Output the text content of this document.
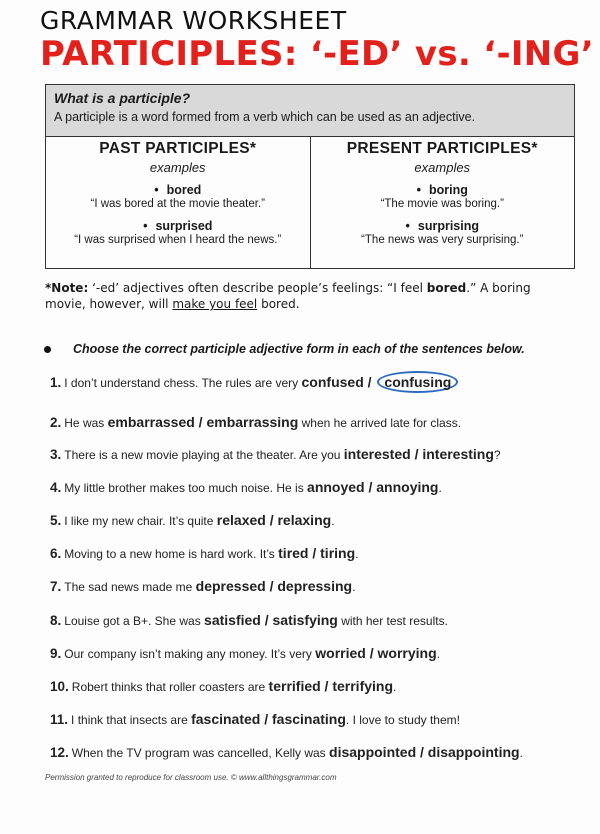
GRAMMAR WORKSHEET
PARTICIPLES: ‘-ED’ vs. ‘-ING’
What is a participle?
A participle is a word formed from a verb which can be used as an adjective.
PAST PARTICIPLES*
examples
• bored
“I was bored at the movie theater.”
• surprised
“I was surprised when I heard the news.”
PRESENT PARTICIPLES*
examples
• boring
“The movie was boring.”
• surprising
“The news was very surprising.”
*Note: ‘-ed’ adjectives often describe people’s feelings: “I feel bored.” A boring movie, however, will make you feel bored.
Choose the correct participle adjective form in each of the sentences below.
1. I don’t understand chess. The rules are very confused / confusing
2. He was embarrassed / embarrassing when he arrived late for class.
3. There is a new movie playing at the theater. Are you interested / interesting?
4. My little brother makes too much noise. He is annoyed / annoying.
5. I like my new chair. It’s quite relaxed / relaxing.
6. Moving to a new home is hard work. It’s tired / tiring.
7. The sad news made me depressed / depressing.
8. Louise got a B+. She was satisfied / satisfying with her test results.
9. Our company isn’t making any money. It’s very worried / worrying.
10. Robert thinks that roller coasters are terrified / terrifying.
11. I think that insects are fascinated / fascinating. I love to study them!
12. When the TV program was cancelled, Kelly was disappointed / disappointing.
Permission granted to reproduce for classroom use. © www.allthingsgrammar.com
